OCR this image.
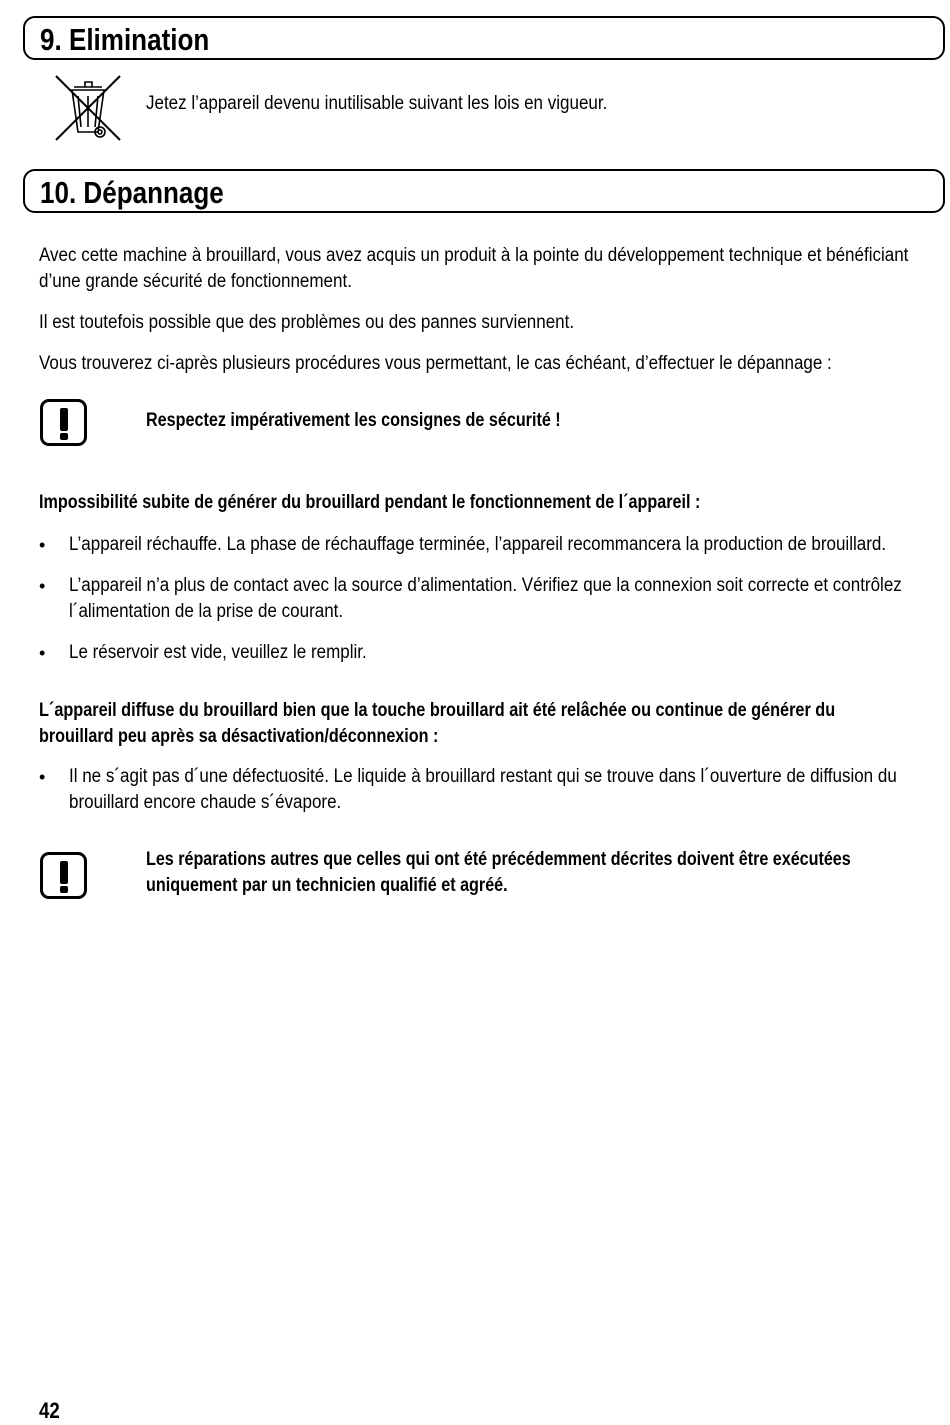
9. Elimination
Jetez l’appareil devenu inutilisable suivant les lois en vigueur.
10. Dépannage
Avec cette machine à brouillard, vous avez acquis un produit à la pointe du développement technique et bénéficiant
d’une grande sécurité de fonctionnement.
Il est toutefois possible que des problèmes ou des pannes surviennent.
Vous trouverez ci-après plusieurs procédures vous permettant, le cas échéant, d’effectuer le dépannage :
Respectez impérativement les consignes de sécurité !
Impossibilité subite de générer du brouillard pendant le fonctionnement de l´appareil :
• L’appareil réchauffe. La phase de réchauffage terminée, l’appareil recommancera la production de brouillard.
• L’appareil n’a plus de contact avec la source d’alimentation. Vérifiez que la connexion soit correcte et contrôlez
l´alimentation de la prise de courant.
• Le réservoir est vide, veuillez le remplir.
L´appareil diffuse du brouillard bien que la touche brouillard ait été relâchée ou continue de générer du
brouillard peu après sa désactivation/déconnexion :
• Il ne s´agit pas d´une défectuosité. Le liquide à brouillard restant qui se trouve dans l´ouverture de diffusion du
brouillard encore chaude s´évapore.
Les réparations autres que celles qui ont été précédemment décrites doivent être exécutées
uniquement par un technicien qualifié et agréé.
42
